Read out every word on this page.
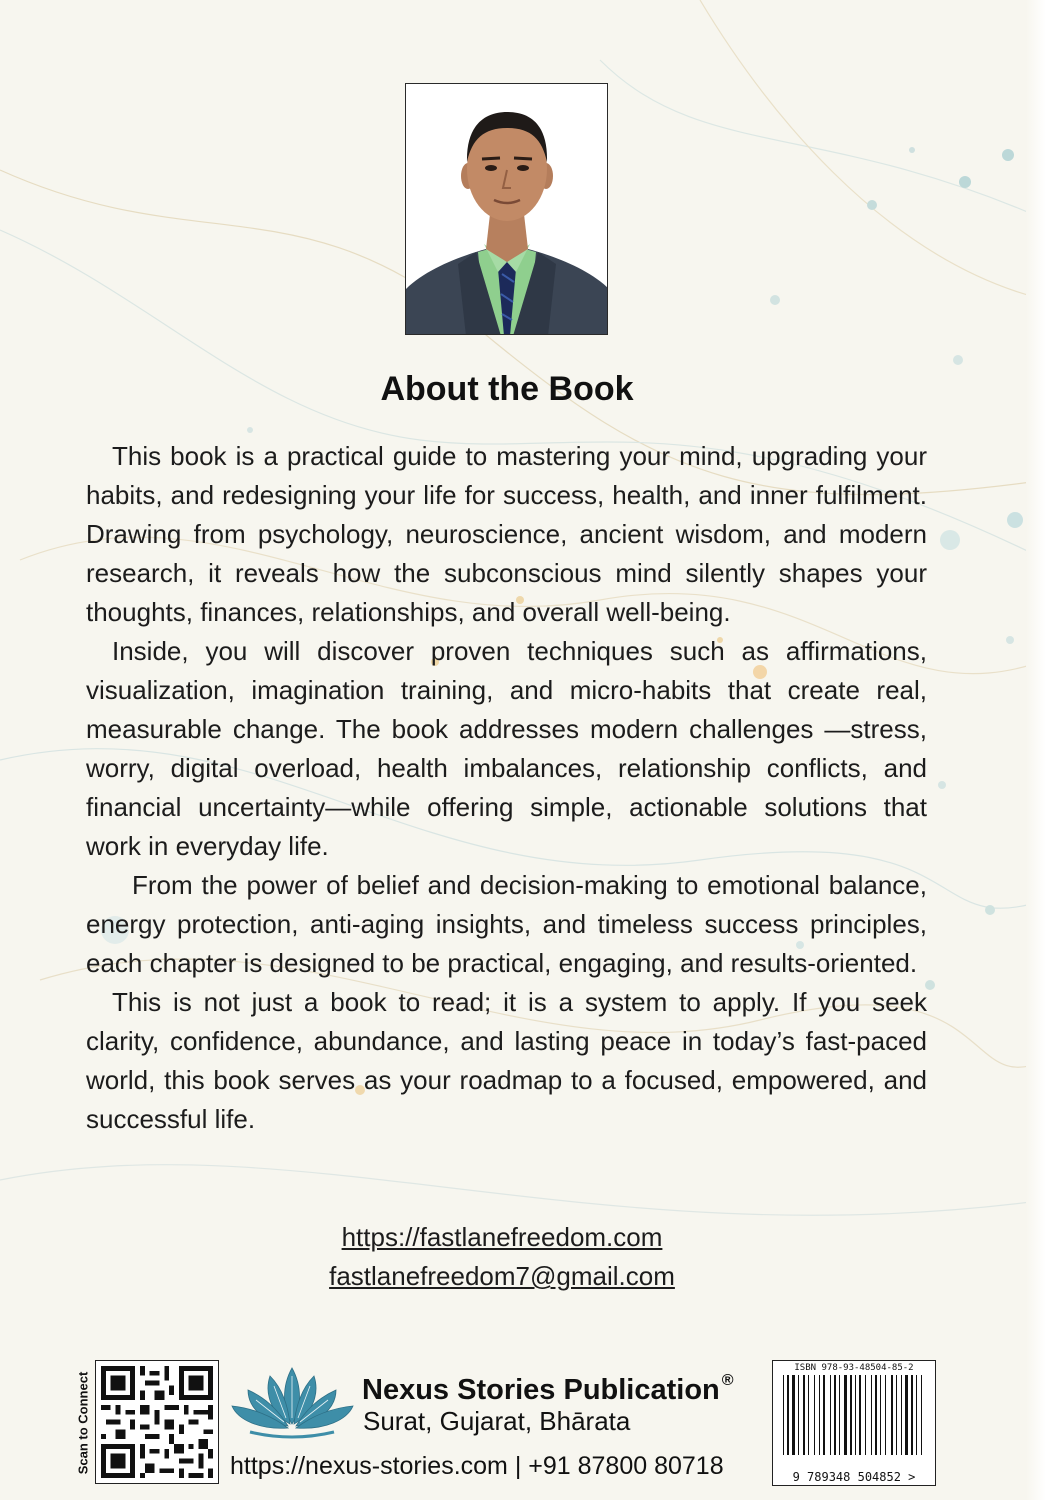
About the Book

This book is a practical guide to mastering your mind, upgrading your habits, and redesigning your life for success, health, and inner fulfilment. Drawing from psychology, neuroscience, ancient wisdom, and modern research, it reveals how the subconscious mind silently shapes your thoughts, finances, relationships, and overall well-being.

Inside, you will discover proven techniques such as affirmations, visualization, imagination training, and micro-habits that create real, measurable change. The book addresses modern challenges —stress, worry, digital overload, health imbalances, relationship conflicts, and financial uncertainty—while offering simple, actionable solutions that work in everyday life.

From the power of belief and decision-making to emotional balance, energy protection, anti-aging insights, and timeless success principles, each chapter is designed to be practical, engaging, and results-oriented.

This is not just a book to read; it is a system to apply. If you seek clarity, confidence, abundance, and lasting peace in today’s fast-paced world, this book serves as your roadmap to a focused, empowered, and successful life.

https://fastlanefreedom.com
fastlanefreedom7@gmail.com
Scan to Connect	Nexus Stories Publication ®
Surat, Gujarat, Bhārata
https://nexus-stories.com | +91 87800 80718
ISBN 978-93-48504-85-2
9 789348 504852 >
